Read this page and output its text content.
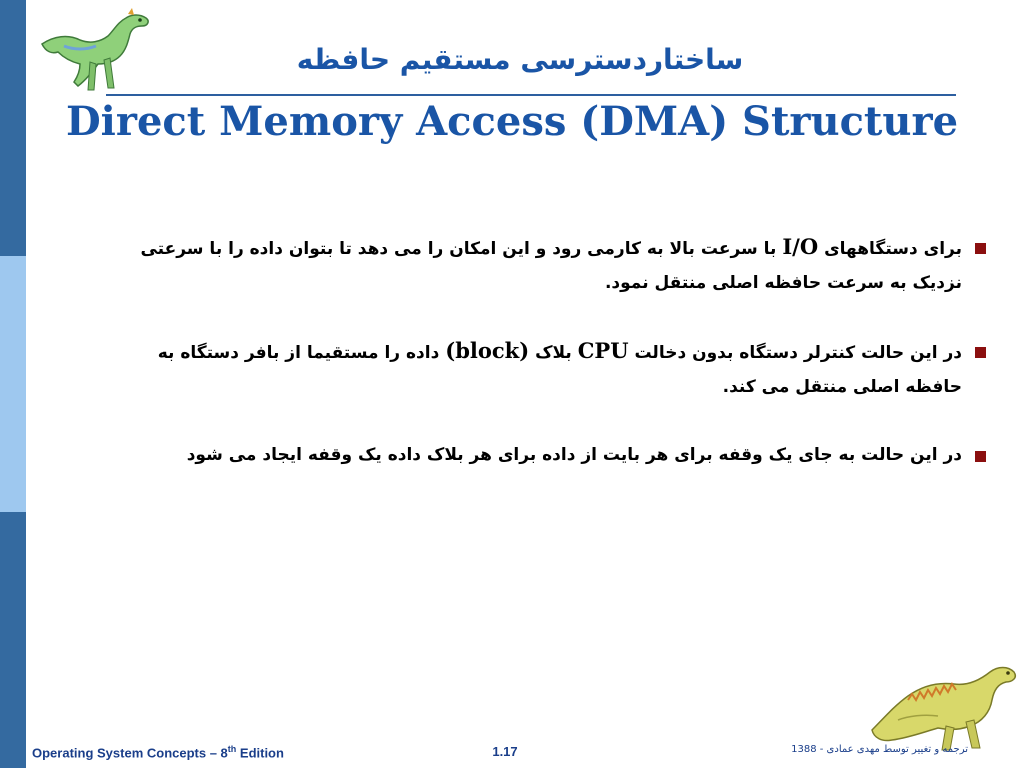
ساختاردسترسی مستقیم حافظه
Direct Memory Access (DMA) Structure
برای دستگاههای I/O با سرعت بالا به کارمی رود و این امکان را می دهد تا بتوان داده را با سرعتی نزدیک به سرعت حافظه اصلی منتقل نمود.
در این حالت کنترلر دستگاه بدون دخالت CPU بلاک (block) داده را مستقیما از بافر دستگاه به حافظه اصلی منتقل می کند.
در این حالت به جای یک وقفه برای هر بایت از داده برای هر بلاک داده یک وقفه ایجاد می شود
Operating System Concepts – 8th Edition	1.17	ترجمه و تغییر توسط مهدی عمادی - 1388
